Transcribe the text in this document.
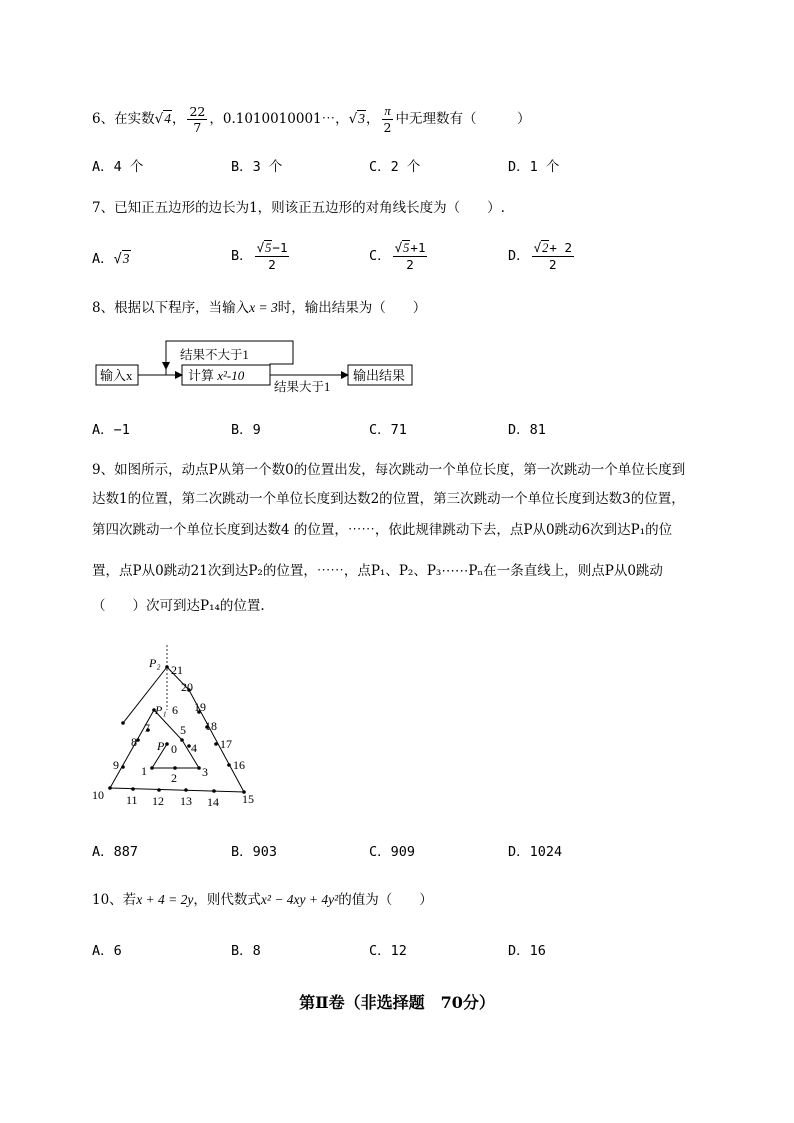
6、在实数√4， $\frac{22}{7}$ ，0.1010010001⋯，√3， $\frac{\pi}{2}$ 中无理数有（　　　）
A．4 个	B．3 个	C．2 个	D．1 个
7、已知正五边形的边长为1，则该正五边形的对角线长度为（　　）.
A．√3	B． $\frac{√5-1}{2}$	C． $\frac{√5+1}{2}$	D． $\frac{√2+ 2}{2}$
8、根据以下程序，当输入x = 3时，输出结果为（　　）
输入x	计算 x²-10
结果不大于1
结果大于1
输出结果
A．−1	B．9	C．71	D．81
9、如图所示，动点P从第一个数0的位置出发，每次跳动一个单位长度，第一次跳动一个单位长度到
达数1的位置，第二次跳动一个单位长度到达数2的位置，第三次跳动一个单位长度到达数3的位置，
第四次跳动一个单位长度到达数4 的位置，⋯⋯，依此规律跳动下去，点P从0跳动6次到达P₁的位
置，点P从0跳动21次到达P₂的位置，⋯⋯，点P₁、P₂、P₃⋯⋯Pₙ在一条直线上，则点P从0跳动
（　　）次可到达P₁₄的位置.
P₂ 21
20
19
18
17
16
15
14
13
12
11
10
9
8
7
P₁ 6
5
P 0 4
1 2 3
A．887	B．903	C．909	D．1024
10、若x + 4 = 2y，则代数式x² − 4xy + 4y²的值为（　　）
A．6	B．8	C．12	D．16
第Ⅱ卷（非选择题　70分）
